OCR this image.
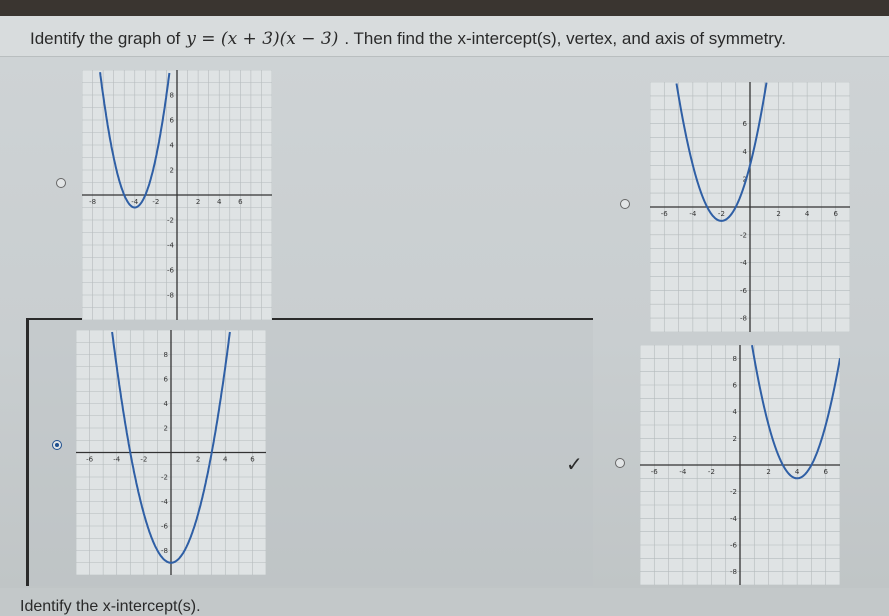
Identify the graph of y = (x + 3)(x − 3) . Then find the x-intercept(s), vertex, and axis of symmetry.
-8	-4 -2	2 4 6
8
6
4
2
-2
-4
-6
-8
-6	-4	-2	2	4	6
6
4
2
-2
-4
-6
-8
-6	-4	-2	2	4	6
8
6
4
2
-2
-4
-6
-8
✓	-6	-4	-2	2	4	6
8
6
4
2
-2
-4
-6
-8
Identify the x-intercept(s).
